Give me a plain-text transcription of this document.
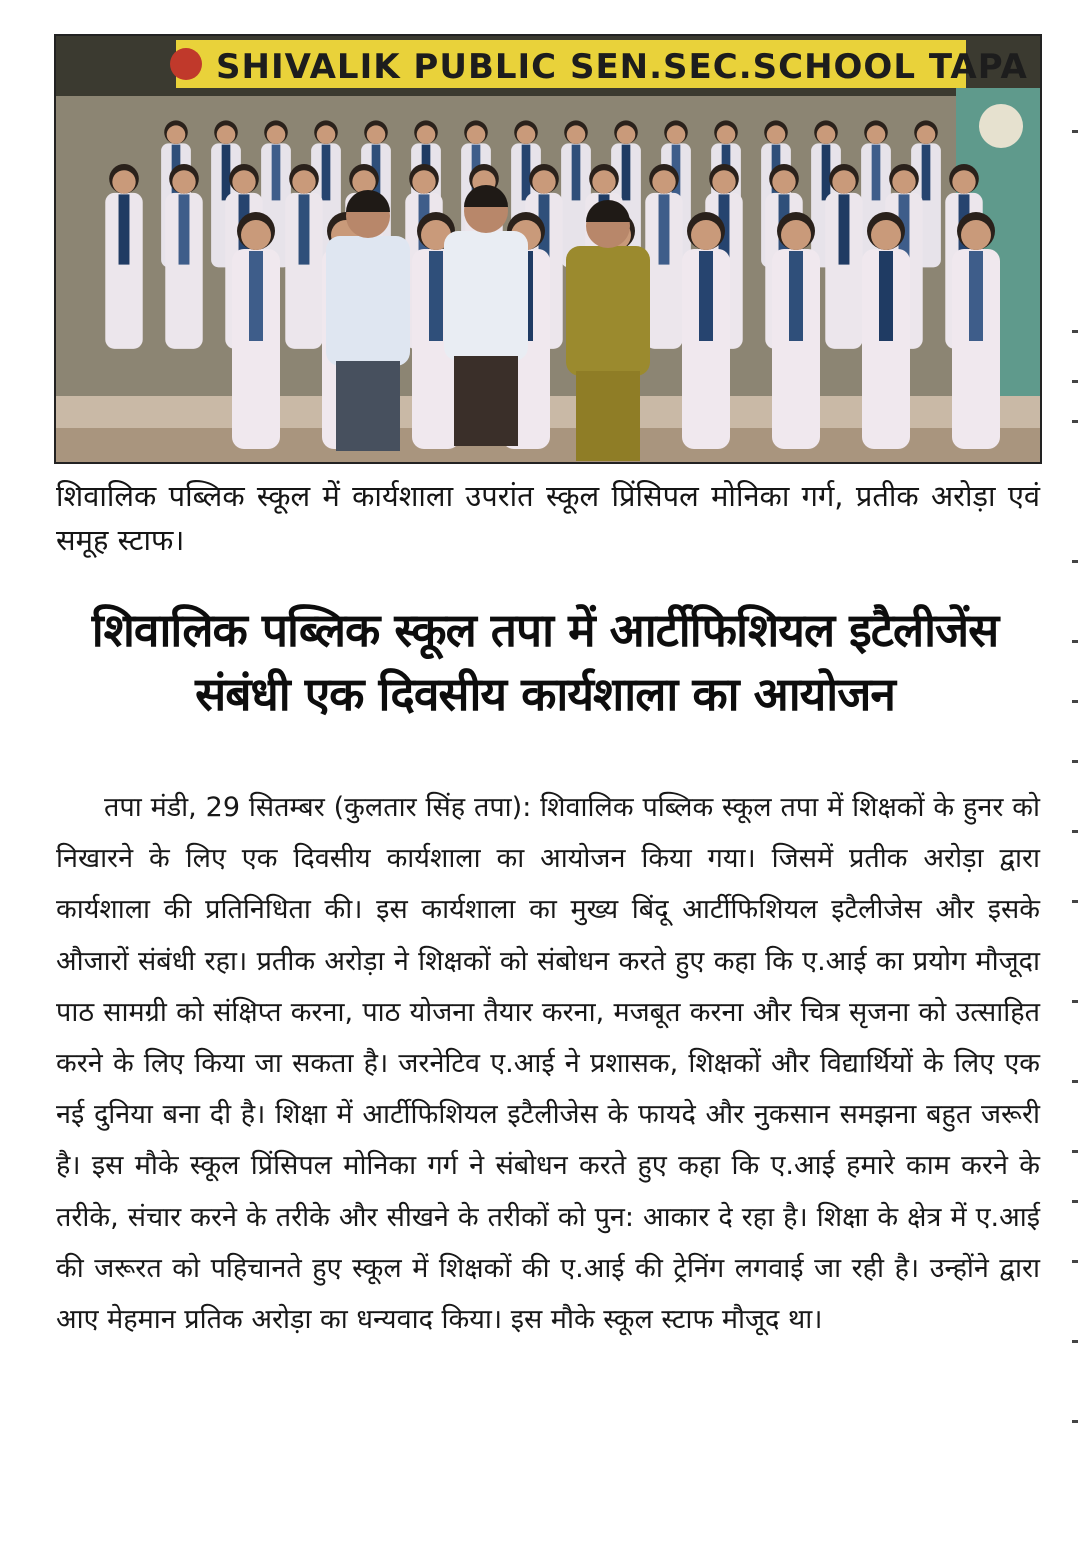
SHIVALIK PUBLIC SEN.SEC.SCHOOL TAPA
शिवालिक पब्लिक स्कूल में कार्यशाला उपरांत स्कूल प्रिंसिपल मोनिका गर्ग, प्रतीक अरोड़ा एवं समूह स्टाफ।
शिवालिक पब्लिक स्कूल तपा में आर्टीफिशियल इटैलीजेंस
संबंधी एक दिवसीय कार्यशाला का आयोजन
तपा मंडी, 29 सितम्बर (कुलतार सिंह तपा): शिवालिक पब्लिक स्कूल तपा में शिक्षकों के हुनर को निखारने के लिए एक दिवसीय कार्यशाला का आयोजन किया गया। जिसमें प्रतीक अरोड़ा द्वारा कार्यशाला की प्रतिनिधिता की। इस कार्यशाला का मुख्य बिंदू आर्टीफिशियल इटैलीजेस और इसके औजारों संबंधी रहा। प्रतीक अरोड़ा ने शिक्षकों को संबोधन करते हुए कहा कि ए.आई का प्रयोग मौजूदा पाठ सामग्री को संक्षिप्त करना, पाठ योजना तैयार करना, मजबूत करना और चित्र सृजना को उत्साहित करने के लिए किया जा सकता है। जरनेटिव ए.आई ने प्रशासक, शिक्षकों और विद्यार्थियों के लिए एक नई दुनिया बना दी है। शिक्षा में आर्टीफिशियल इटैलीजेस के फायदे और नुकसान समझना बहुत जरूरी है। इस मौके स्कूल प्रिंसिपल मोनिका गर्ग ने संबोधन करते हुए कहा कि ए.आई हमारे काम करने के तरीके, संचार करने के तरीके और सीखने के तरीकों को पुन: आकार दे रहा है। शिक्षा के क्षेत्र में ए.आई की जरूरत को पहिचानते हुए स्कूल में शिक्षकों की ए.आई की ट्रेनिंग लगवाई जा रही है। उन्होंने द्वारा आए मेहमान प्रतिक अरोड़ा का धन्यवाद किया। इस मौके स्कूल स्टाफ मौजूद था।
